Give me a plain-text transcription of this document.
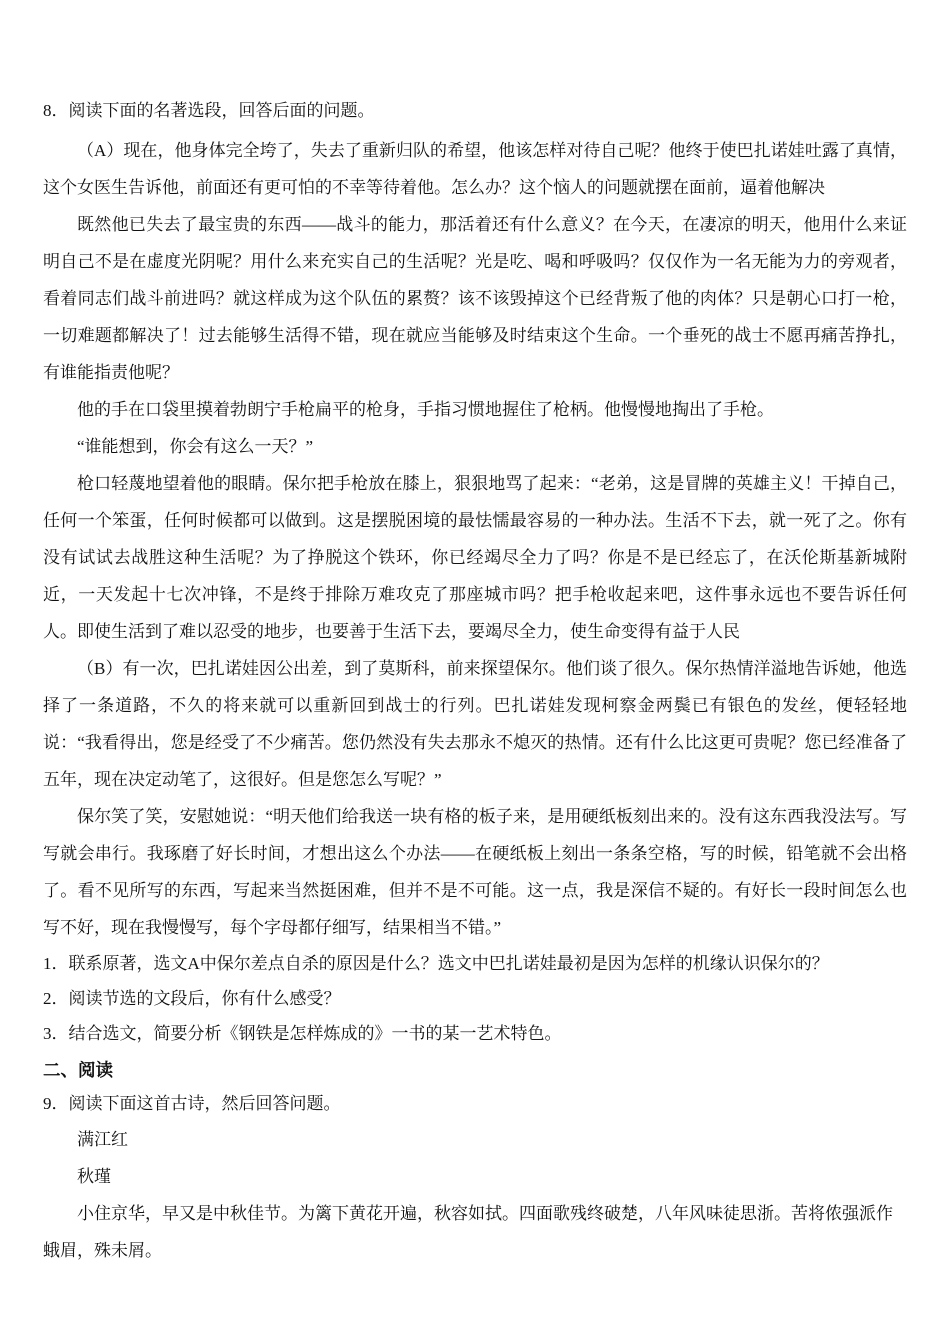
8．阅读下面的名著选段，回答后面的问题。

（A）现在，他身体完全垮了，失去了重新归队的希望，他该怎样对待自己呢？他终于使巴扎诺娃吐露了真情，这个女医生告诉他，前面还有更可怕的不幸等待着他。怎么办？这个恼人的问题就摆在面前，逼着他解决

既然他已失去了最宝贵的东西——战斗的能力，那活着还有什么意义？在今天，在凄凉的明天，他用什么来证明自己不是在虚度光阴呢？用什么来充实自己的生活呢？光是吃、喝和呼吸吗？仅仅作为一名无能为力的旁观者，看着同志们战斗前进吗？就这样成为这个队伍的累赘？该不该毁掉这个已经背叛了他的肉体？只是朝心口打一枪，一切难题都解决了！过去能够生活得不错，现在就应当能够及时结束这个生命。一个垂死的战士不愿再痛苦挣扎，有谁能指责他呢？

他的手在口袋里摸着勃朗宁手枪扁平的枪身，手指习惯地握住了枪柄。他慢慢地掏出了手枪。

“谁能想到，你会有这么一天？”

枪口轻蔑地望着他的眼睛。保尔把手枪放在膝上，狠狠地骂了起来：“老弟，这是冒牌的英雄主义！干掉自己，任何一个笨蛋，任何时候都可以做到。这是摆脱困境的最怯懦最容易的一种办法。生活不下去，就一死了之。你有没有试试去战胜这种生活呢？为了挣脱这个铁环，你已经竭尽全力了吗？你是不是已经忘了，在沃伦斯基新城附近，一天发起十七次冲锋，不是终于排除万难攻克了那座城市吗？把手枪收起来吧，这件事永远也不要告诉任何人。即使生活到了难以忍受的地步，也要善于生活下去，要竭尽全力，使生命变得有益于人民

（B）有一次，巴扎诺娃因公出差，到了莫斯科，前来探望保尔。他们谈了很久。保尔热情洋溢地告诉她，他选择了一条道路，不久的将来就可以重新回到战士的行列。巴扎诺娃发现柯察金两鬓已有银色的发丝，便轻轻地说：“我看得出，您是经受了不少痛苦。您仍然没有失去那永不熄灭的热情。还有什么比这更可贵呢？您已经准备了五年，现在决定动笔了，这很好。但是您怎么写呢？”

保尔笑了笑，安慰她说：“明天他们给我送一块有格的板子来，是用硬纸板刻出来的。没有这东西我没法写。写写就会串行。我琢磨了好长时间，才想出这么个办法——在硬纸板上刻出一条条空格，写的时候，铅笔就不会出格了。看不见所写的东西，写起来当然挺困难，但并不是不可能。这一点，我是深信不疑的。有好长一段时间怎么也写不好，现在我慢慢写，每个字母都仔细写，结果相当不错。”

1．联系原著，选文A中保尔差点自杀的原因是什么？选文中巴扎诺娃最初是因为怎样的机缘认识保尔的？

2．阅读节选的文段后，你有什么感受？

3．结合选文，简要分析《钢铁是怎样炼成的》一书的某一艺术特色。

二、阅读

9．阅读下面这首古诗，然后回答问题。

满江红

秋瑾

小住京华，早又是中秋佳节。为篱下黄花开遍，秋容如拭。四面歌残终破楚，八年风味徒思浙。苦将侬强派作蛾眉，殊未屑。
